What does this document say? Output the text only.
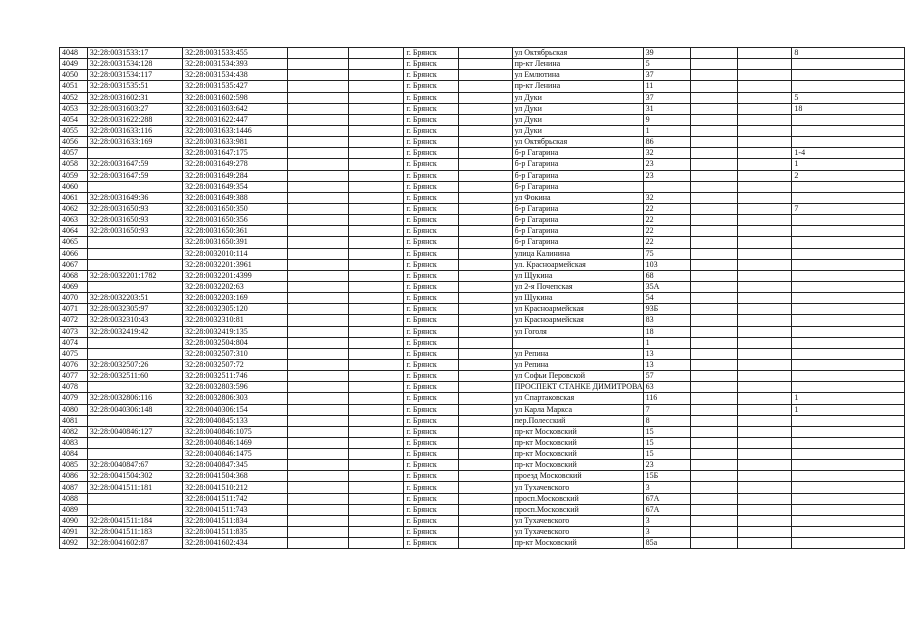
4048	32:28:0031533:17	32:28:0031533:455			г. Брянск		ул Октябрьская	39			8
4049	32:28:0031534:128	32:28:0031534:393			г. Брянск		пр-кт Ленина	5			
4050	32:28:0031534:117	32:28:0031534:438			г. Брянск		ул Емлютина	37			
4051	32:28:0031535:51	32:28:0031535:427			г. Брянск		пр-кт Ленина	11			
4052	32:28:0031602:31	32:28:0031602:598			г. Брянск		ул Дуки	37			5
4053	32:28:0031603:27	32:28:0031603:642			г. Брянск		ул Дуки	31			18
4054	32:28:0031622:288	32:28:0031622:447			г. Брянск		ул Дуки	9			
4055	32:28:0031633:116	32:28:0031633:1446			г. Брянск		ул Дуки	1			
4056	32:28:0031633:169	32:28:0031633:981			г. Брянск		ул Октябрьская	86			
4057		32:28:0031647:175			г. Брянск		б-р Гагарина	32			1-4
4058	32:28:0031647:59	32:28:0031649:278			г. Брянск		б-р Гагарина	23			1
4059	32:28:0031647:59	32:28:0031649:284			г. Брянск		б-р Гагарина	23			2
4060		32:28:0031649:354			г. Брянск		б-р Гагарина				
4061	32:28:0031649:36	32:28:0031649:388			г. Брянск		ул Фокина	32			
4062	32:28:0031650:93	32:28:0031650:350			г. Брянск		б-р Гагарина	22			7
4063	32:28:0031650:93	32:28:0031650:356			г. Брянск		б-р Гагарина	22			
4064	32:28:0031650:93	32:28:0031650:361			г. Брянск		б-р Гагарина	22			
4065		32:28:0031650:391			г. Брянск		б-р Гагарина	22			
4066		32:28:0032010:114			г. Брянск		улица Калинина	75			
4067		32:28:0032201:3961			г. Брянск		ул. Красноармейская	103			
4068	32:28:0032201:1782	32:28:0032201:4399			г. Брянск		ул Щукина	68			
4069		32:28:0032202:63			г. Брянск		ул 2-я Почепская	35А			
4070	32:28:0032203:51	32:28:0032203:169			г. Брянск		ул Щукина	54			
4071	32:28:0032305:97	32:28:0032305:120			г. Брянск		ул Красноармейская	93Б			
4072	32:28:0032310:43	32:28:0032310:81			г. Брянск		ул Красноармейская	83			
4073	32:28:0032419:42	32:28:0032419:135			г. Брянск		ул Гоголя	18			
4074		32:28:0032504:804			г. Брянск			1			
4075		32:28:0032507:310			г. Брянск		ул Репина	13			
4076	32:28:0032507:26	32:28:0032507:72			г. Брянск		ул Репина	13			
4077	32:28:0032511:60	32:28:0032511:746			г. Брянск		ул Софьи Перовской	57			
4078		32:28:0032803:596			г. Брянск		ПРОСПЕКТ СТАНКЕ ДИМИТРОВА	63			
4079	32:28:0032806:116	32:28:0032806:303			г. Брянск		ул Спартаковская	116			1
4080	32:28:0040306:148	32:28:0040306:154			г. Брянск		ул Карла Маркса	7			1
4081		32:28:0040845:133			г. Брянск		пер.Полесский	8			
4082	32:28:0040846:127	32:28:0040846:1075			г. Брянск		пр-кт Московский	15			
4083		32:28:0040846:1469			г. Брянск		пр-кт Московский	15			
4084		32:28:0040846:1475			г. Брянск		пр-кт Московский	15			
4085	32:28:0040847:67	32:28:0040847:345			г. Брянск		пр-кт Московский	23			
4086	32:28:0041504:302	32:28:0041504:368			г. Брянск		проезд Московский	15Б			
4087	32:28:0041511:181	32:28:0041510:212			г. Брянск		ул Тухачевского	3			
4088		32:28:0041511:742			г. Брянск		просп.Московский	67А			
4089		32:28:0041511:743			г. Брянск		просп.Московский	67А			
4090	32:28:0041511:184	32:28:0041511:834			г. Брянск		ул Тухачевского	3			
4091	32:28:0041511:183	32:28:0041511:835			г. Брянск		ул Тухачевского	3			
4092	32:28:0041602:87	32:28:0041602:434			г. Брянск		пр-кт Московский	85а			
